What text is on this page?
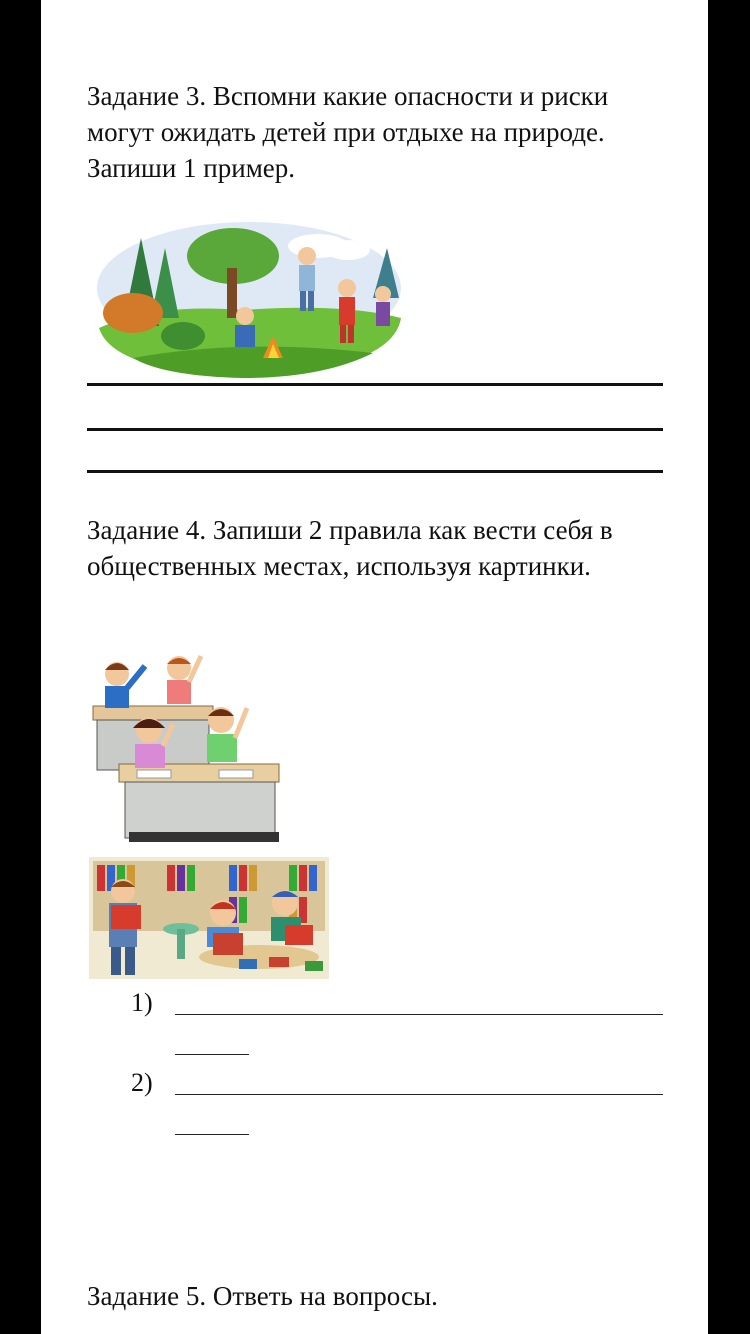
Задание 3. Вспомни какие опасности и риски могут ожидать детей при отдыхе на природе. Запиши 1 пример.

Задание 4. Запиши 2 правила как вести себя в общественных местах, используя картинки.

1)
2)

Задание 5. Ответь на вопросы.
